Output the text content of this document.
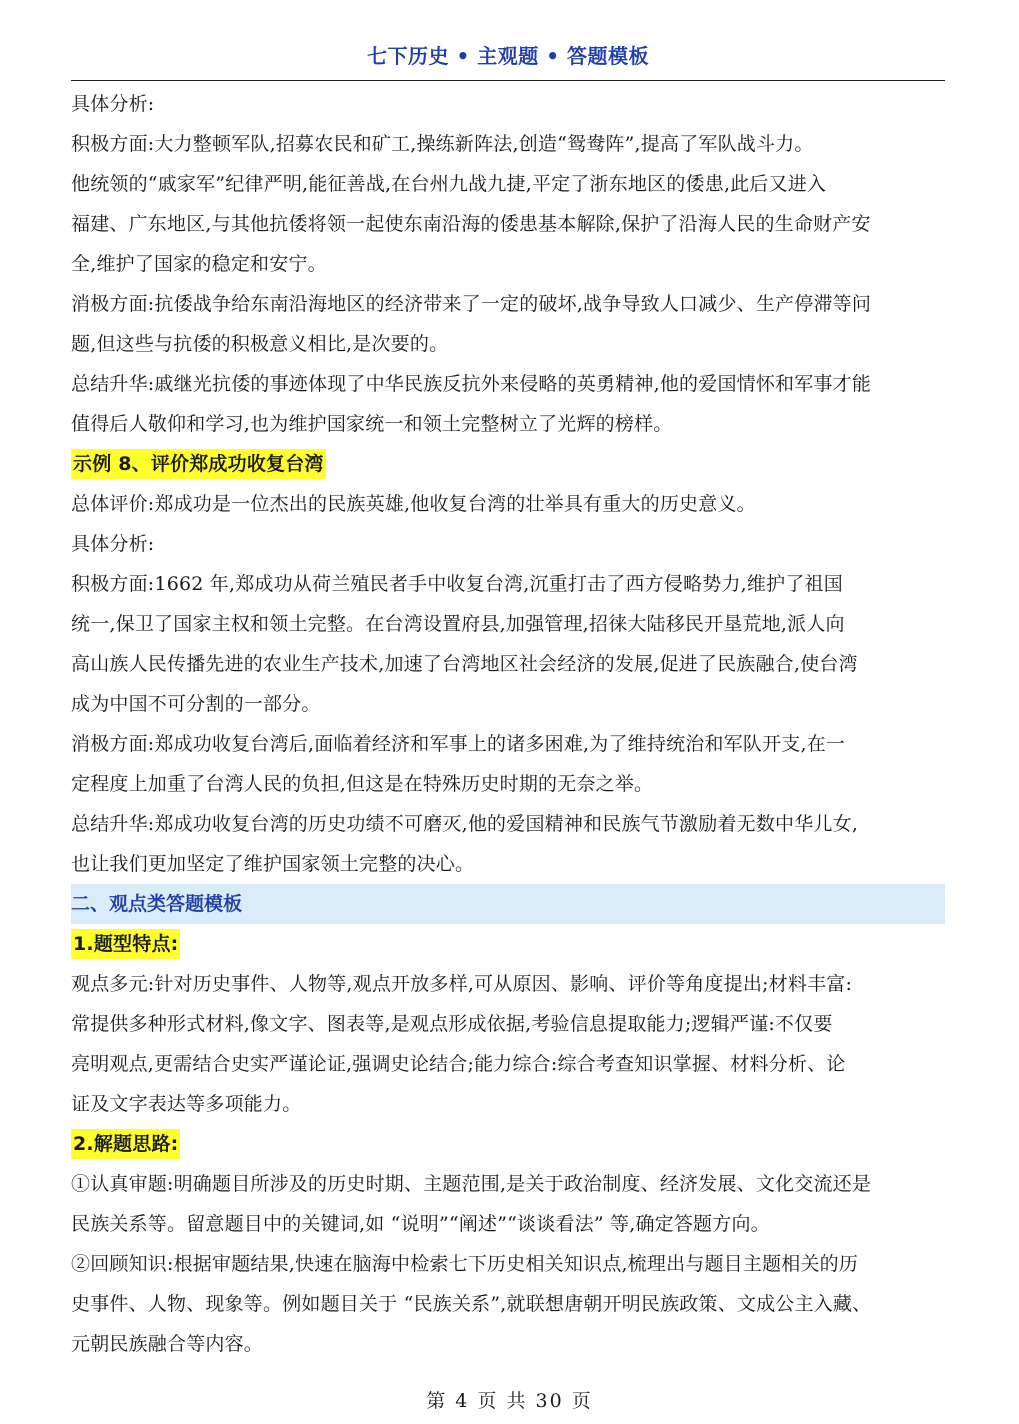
七下历史 • 主观题 • 答题模板
具体分析:
积极方面:大力整顿军队,招募农民和矿工,操练新阵法,创造“鸳鸯阵”,提高了军队战斗力。
他统领的“戚家军”纪律严明,能征善战,在台州九战九捷,平定了浙东地区的倭患,此后又进入
福建、广东地区,与其他抗倭将领一起使东南沿海的倭患基本解除,保护了沿海人民的生命财产安
全,维护了国家的稳定和安宁。
消极方面:抗倭战争给东南沿海地区的经济带来了一定的破坏,战争导致人口减少、生产停滞等问
题,但这些与抗倭的积极意义相比,是次要的。
总结升华:戚继光抗倭的事迹体现了中华民族反抗外来侵略的英勇精神,他的爱国情怀和军事才能
值得后人敬仰和学习,也为维护国家统一和领土完整树立了光辉的榜样。
示例 8、评价郑成功收复台湾
总体评价:郑成功是一位杰出的民族英雄,他收复台湾的壮举具有重大的历史意义。
具体分析:
积极方面:1662 年,郑成功从荷兰殖民者手中收复台湾,沉重打击了西方侵略势力,维护了祖国
统一,保卫了国家主权和领土完整。在台湾设置府县,加强管理,招徕大陆移民开垦荒地,派人向
高山族人民传播先进的农业生产技术,加速了台湾地区社会经济的发展,促进了民族融合,使台湾
成为中国不可分割的一部分。
消极方面:郑成功收复台湾后,面临着经济和军事上的诸多困难,为了维持统治和军队开支,在一
定程度上加重了台湾人民的负担,但这是在特殊历史时期的无奈之举。
总结升华:郑成功收复台湾的历史功绩不可磨灭,他的爱国精神和民族气节激励着无数中华儿女,
也让我们更加坚定了维护国家领土完整的决心。
二、观点类答题模板
1.题型特点:
观点多元:针对历史事件、人物等,观点开放多样,可从原因、影响、评价等角度提出;材料丰富:
常提供多种形式材料,像文字、图表等,是观点形成依据,考验信息提取能力;逻辑严谨:不仅要
亮明观点,更需结合史实严谨论证,强调史论结合;能力综合:综合考查知识掌握、材料分析、论
证及文字表达等多项能力。
2.解题思路:
①认真审题:明确题目所涉及的历史时期、主题范围,是关于政治制度、经济发展、文化交流还是
民族关系等。留意题目中的关键词,如 “说明”“阐述”“谈谈看法” 等,确定答题方向。
②回顾知识:根据审题结果,快速在脑海中检索七下历史相关知识点,梳理出与题目主题相关的历
史事件、人物、现象等。例如题目关于 “民族关系”,就联想唐朝开明民族政策、文成公主入藏、
元朝民族融合等内容。
第 4 页 共 30 页
